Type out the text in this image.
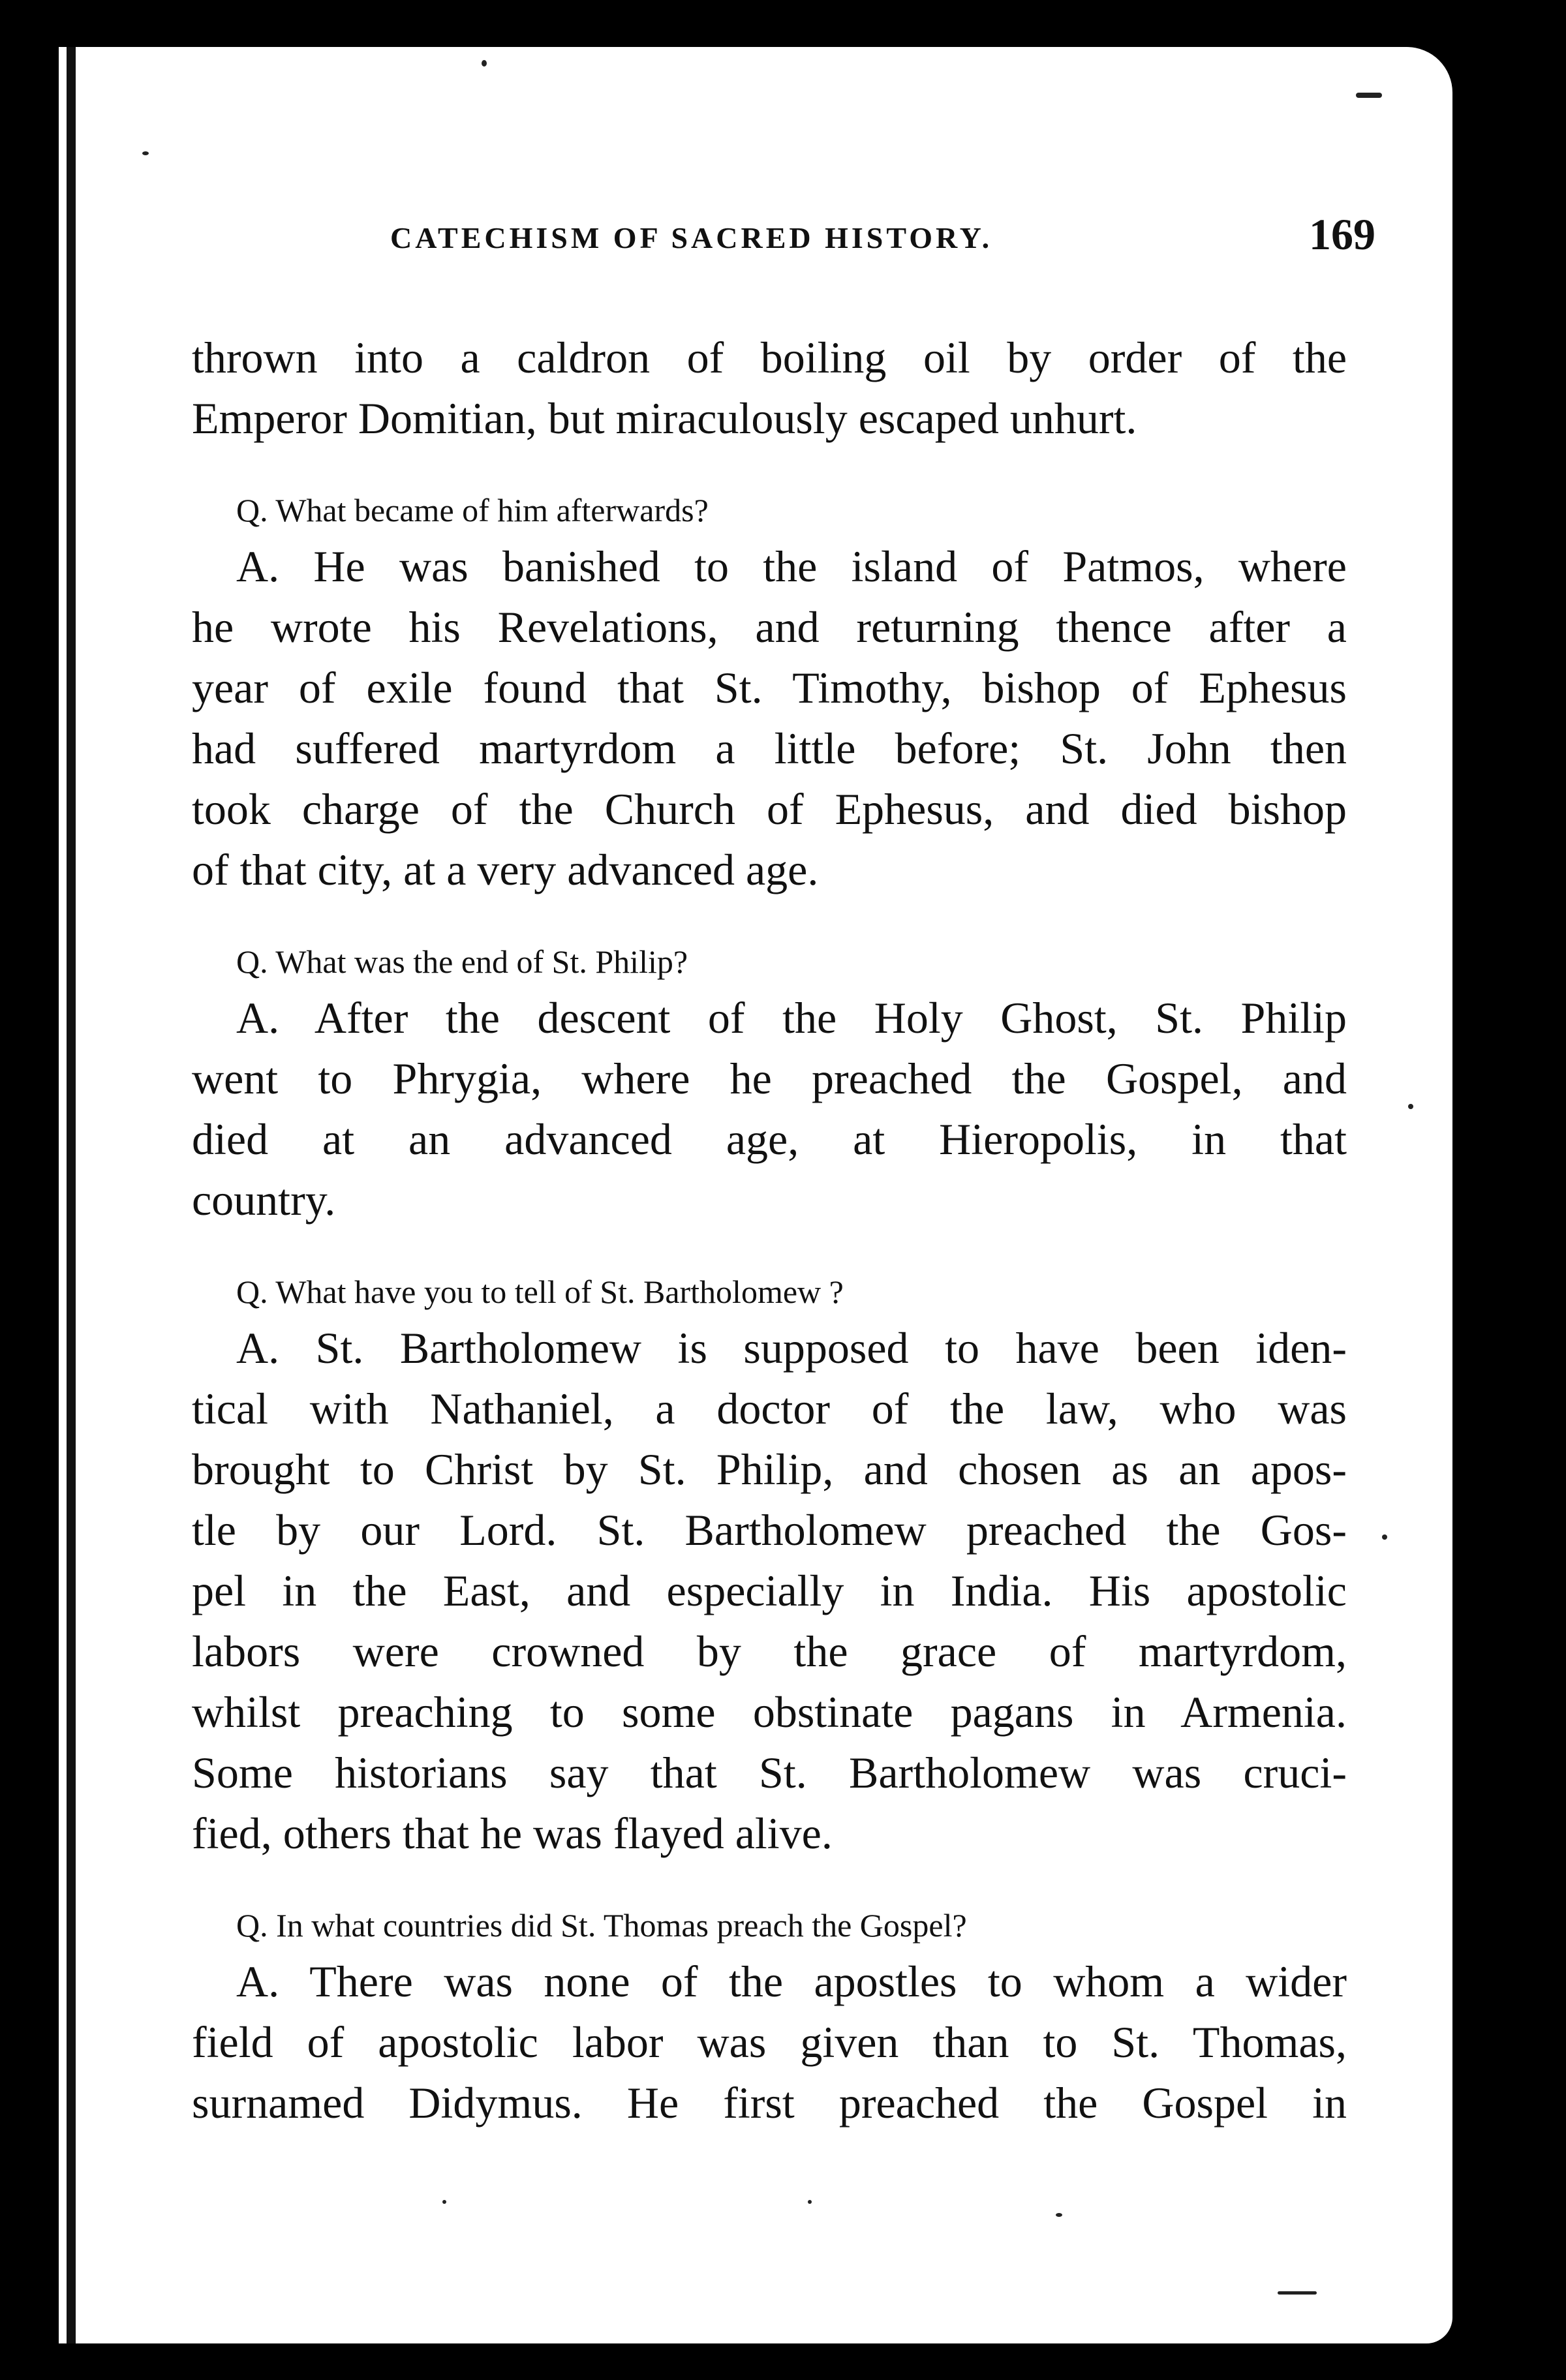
CATECHISM OF SACRED HISTORY.	169
thrown into a caldron of boiling oil by order of the
Emperor Domitian, but miraculously escaped unhurt.
Q. What became of him afterwards?
A. He was banished to the island of Patmos, where
he wrote his Revelations, and returning thence after a
year of exile found that St. Timothy, bishop of Ephesus
had suffered martyrdom a little before; St. John then
took charge of the Church of Ephesus, and died bishop
of that city, at a very advanced age.
Q. What was the end of St. Philip?
A. After the descent of the Holy Ghost, St. Philip
went to Phrygia, where he preached the Gospel, and
died at an advanced age, at Hieropolis, in that
country.
Q. What have you to tell of St. Bartholomew ?
A. St. Bartholomew is supposed to have been iden-
tical with Nathaniel, a doctor of the law, who was
brought to Christ by St. Philip, and chosen as an apos-
tle by our Lord. St. Bartholomew preached the Gos-
pel in the East, and especially in India. His apostolic
labors were crowned by the grace of martyrdom,
whilst preaching to some obstinate pagans in Armenia.
Some historians say that St. Bartholomew was cruci-
fied, others that he was flayed alive.
Q. In what countries did St. Thomas preach the Gospel?
A. There was none of the apostles to whom a wider
field of apostolic labor was given than to St. Thomas,
surnamed Didymus. He first preached the Gospel in
